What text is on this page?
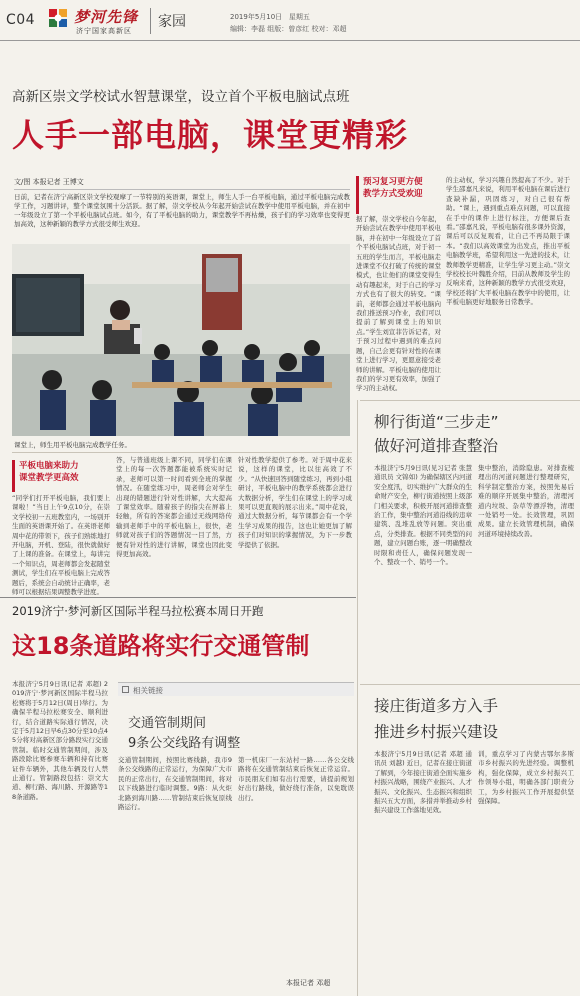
C04	梦河先锋
济宁国家高新区
家园	2019年5月10日 星期五
编辑：李磊 组版：曾彦红 校对：邓超
高新区崇文学校试水智慧课堂，设立首个平板电脑试点班
人手一部电脑，课堂更精彩
文/图 本报记者 王博文
日前，记者在济宁高新区崇文学校观摩了一节特别的英语课，课堂上，师生人手一台平板电脑，通过平板电脑完成教学工作，习题讲评，整个课堂氛围十分活跃。据了解，崇文学校从今年起开始尝试在教学中使用平板电脑，并在初中一年级设立了第一个平板电脑试点班。如今，有了平板电脑的助力，课堂教学不再枯燥，孩子们的学习效率也变得更加高效，这种新颖的教学方式很受师生欢迎。
课堂上，师生用平板电脑完成教学任务。
预习复习更方便
教学方式受欢迎
据了解，崇文学校自今年起，开始尝试在教学中使用平板电脑，并在初中一年级设立了首个平板电脑试点班，对于初一五班的学生而言，平板电脑走进课堂不仅打破了传统的课堂模式，也让他们的课堂变得生动有趣起来，对于自己的学习方式也有了很大的转变。“课前，老师都会通过平板电脑向我们推送预习作业，我们可以提前了解到课堂上的知识点。”学生刘宣菲告诉记者，对于预习过程中遇到的难点问题，自己会更有针对性的在课堂上进行学习，更愿意接受老师的讲解。平板电脑的使用让我们的学习更有效率，加强了学习的主动权。
的主动权，学习兴趣自然提高了不少。对于学生邵嘉凡来说，利用平板电脑在课后进行查缺补漏，巩固练习，对自己很有帮助。“课上，遇到重点难点问题，可以直接在手中的课件上进行标注，方便课后查看。”邵嘉凡说，平板电脑有很多课外资源，课后可以反复观看，让自己不再局限于课本。“我们以高效课堂为出发点，推出平板电脑教学班，希望利用这一先进的技术，让教师教学更精准，让学生学习更主动。”崇文学校校长叶魏胜介绍，目前从教师及学生的反响来看，这种新颖的教学方式很受欢迎，学校还将扩大平板电脑在教学中的使用，让平板电脑更好地服务日常教学。
平板电脑来助力
课堂教学更高效
“同学们打开平板电脑，我们要上课啦！”当日上午9点10分，在崇文学校初一五班教室内，一场别开生面的英语课开始了。在英语老师周中花的带领下，孩子们熟练地打开电脑，开机、登陆，很快就做好了上课的准备。在课堂上，每讲完一个知识点，周老师都会发起随堂测试，学生们在平板电脑上完成答题后，系统会自动统计正确率，老师可以根据结果调整教学进度。
答，与普通班级上课不同，同学们在课堂上的每一次答题都能被系统实时记录，老师可以第一时间看到全班的掌握情况。在随堂练习中，周老师会对学生出现的错题进行针对性讲解，大大提高了课堂效率。随着孩子的指尖在屏幕上轻触，所有的答案都会通过无线网络传输到老师手中的平板电脑上，很快，老师就对孩子们的答题情况一目了然，方便有针对性的进行讲解，课堂也因此变得更加高效。
针对性教学提供了参考。对于周中花来说，这样的课堂，比以往高效了不少。“从快速回答到随堂练习，再到小组研讨，平板电脑中的教学系统都会进行大数据分析，学生们在课堂上的学习成果可以更直观的展示出来。”周中花说，通过大数据分析，每节课都会有一个学生学习成果的报告，这也让她更加了解孩子们对知识的掌握情况，为下一步教学提供了依据。
2019济宁·梦河新区国际半程马拉松赛本周日开跑
这18条道路将实行交通管制
本报济宁5月9日讯(记者 邓超) 2019济宁·梦河新区国际半程马拉松赛将于5月12日(周日)举行。为确保半程马拉松赛安全、顺利进行，结合道路实际通行情况，决定于5月12日早6点30分至10点45分将对高新区部分路段实行交通管制。临时交通管制期间，涉及路段除比赛参赛车辆和持有比赛证件车辆外，其他车辆及行人禁止通行。管制路段包括：崇文大道、柳行路、海川路、开源路等18条道路。
相关链接
交通管制期间
9条公交线路有调整
交通管制期间，按照比赛线路，我市9条公交线路的正常运行，为保障广大市民的正常出行，在交通管制期间，将对以下线路进行临时调整。9路：从火炬北路到海川路……管制结束后恢复原线路运行。
第一机床厂一东站村一路……各公交线路将在交通管制结束后恢复正常运营。市民朋友们如有出行需要，请提前规划好出行路线，做好绕行准备，以免耽误出行。
本报记者 邓超
柳行街道“三步走”
做好河道排查整治
本报济宁5月9日讯(见习记者 张慧 通讯员 文锦如) 为确保辖区内河道安全度汛，切实维护广大群众的生命财产安全，柳行街道按照上级部门相关要求，积极开展河道排查整治工作，集中整治河道沿线的违章建筑、乱堆乱放等问题。突出重点，分类排查。根据不同类型的问题，建立问题台账，逐一明确整改时限和责任人，确保问题发现一个、整改一个、销号一个。
集中整治，消除隐患。对排查梳理出的河道问题进行整理研究，科学制定整治方案，按照先易后难的顺序开展集中整治，清理河道内垃圾、杂草等漂浮物，清理一处销号一处。长效管理，巩固成果。建立长效管理机制，确保河道环境持续改善。
接庄街道多方入手
推进乡村振兴建设
本报济宁5月9日讯(记者 邓超 通讯员 刘越) 近日，记者在接庄街道了解到，今年接庄街道全面实施乡村振兴战略，围绕产业振兴、人才振兴、文化振兴、生态振兴和组织振兴五大方面，多措并举推动乡村振兴建设工作落地见效。
训，重点学习了内蒙古鄂尔多斯市乡村振兴的先进经验。调整机构，强化保障，成立乡村振兴工作领导小组，明确各部门职责分工，为乡村振兴工作开展提供坚强保障。
